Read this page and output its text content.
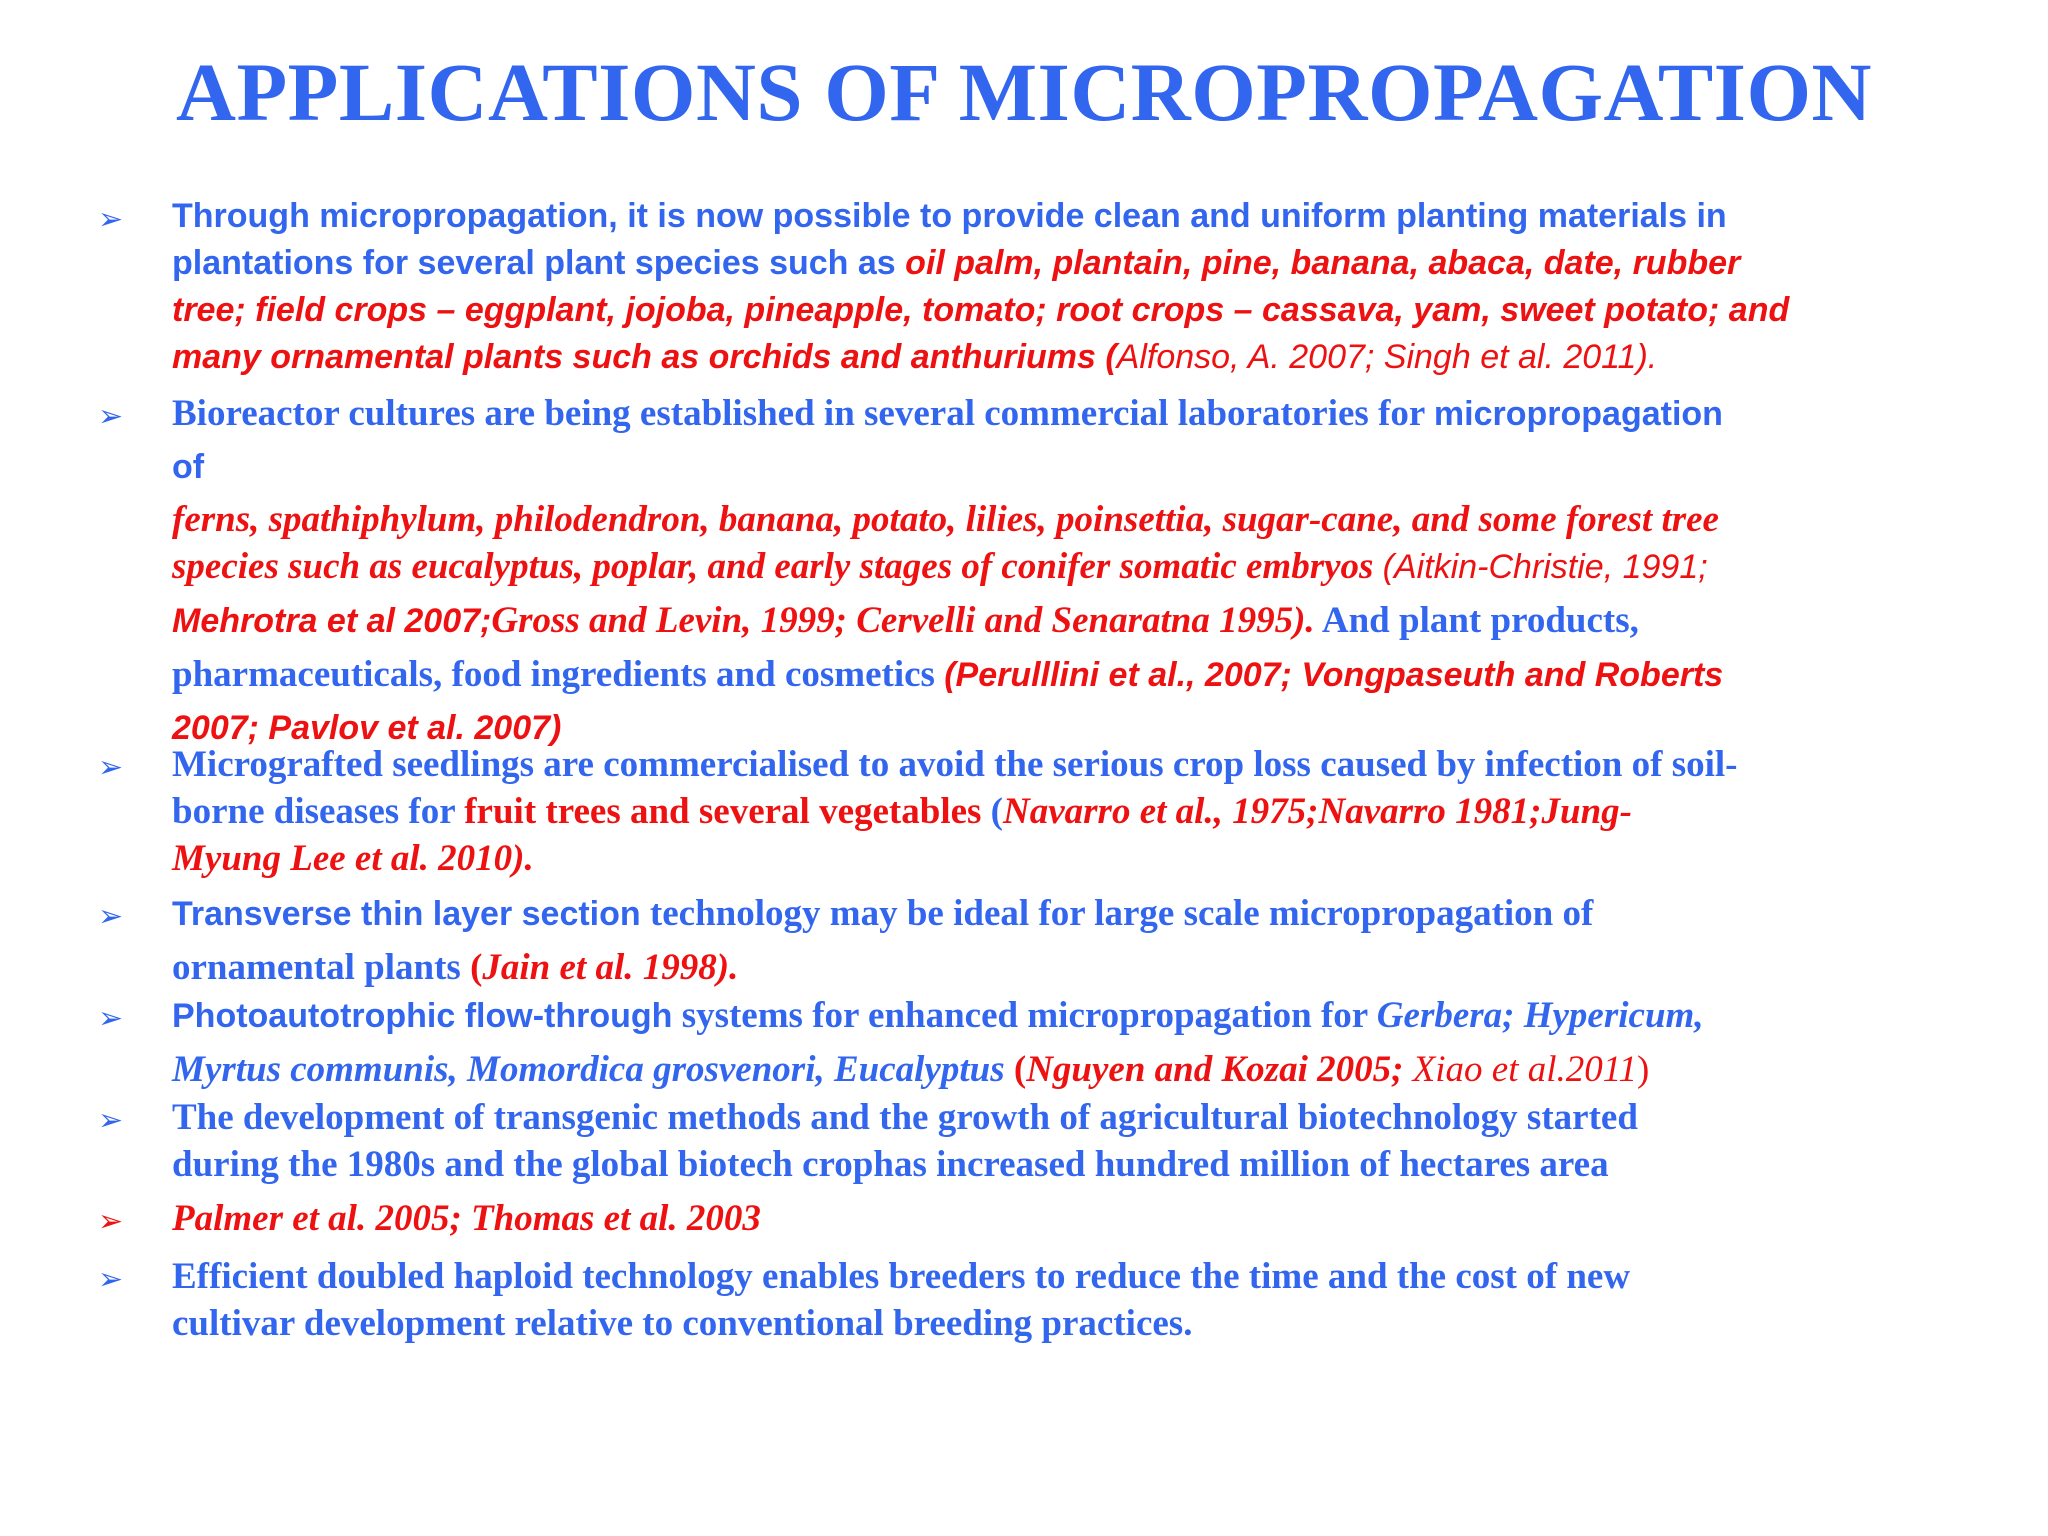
APPLICATIONS OF MICROPROPAGATION
➢ Through micropropagation, it is now possible to provide clean and uniform planting materials in
plantations for several plant species such as oil palm, plantain, pine, banana, abaca, date, rubber
tree; field crops – eggplant, jojoba, pineapple, tomato; root crops – cassava, yam, sweet potato; and
many ornamental plants such as orchids and anthuriums (Alfonso, A. 2007; Singh et al. 2011).
➢ Bioreactor cultures are being established in several commercial laboratories for micropropagation
of
ferns, spathiphylum, philodendron, banana, potato, lilies, poinsettia, sugar-cane, and some forest tree
species such as eucalyptus, poplar, and early stages of conifer somatic embryos (Aitkin-Christie, 1991;
Mehrotra et al 2007;Gross and Levin, 1999; Cervelli and Senaratna 1995). And plant products,
pharmaceuticals, food ingredients and cosmetics (Perulllini et al., 2007; Vongpaseuth and Roberts
2007; Pavlov et al. 2007)
➢ Micrografted seedlings are commercialised to avoid the serious crop loss caused by infection of soil-
borne diseases for fruit trees and several vegetables (Navarro et al., 1975;Navarro 1981;Jung-
Myung Lee et al. 2010).
➢ Transverse thin layer section technology may be ideal for large scale micropropagation of
ornamental plants (Jain et al. 1998).
➢ Photoautotrophic flow-through systems for enhanced micropropagation for Gerbera; Hypericum,
Myrtus communis, Momordica grosvenori, Eucalyptus (Nguyen and Kozai 2005; Xiao et al.2011)
➢ The development of transgenic methods and the growth of agricultural biotechnology started
during the 1980s and the global biotech crophas increased hundred million of hectares area
➢ Palmer et al. 2005; Thomas et al. 2003
➢ Efficient doubled haploid technology enables breeders to reduce the time and the cost of new
cultivar development relative to conventional breeding practices.
